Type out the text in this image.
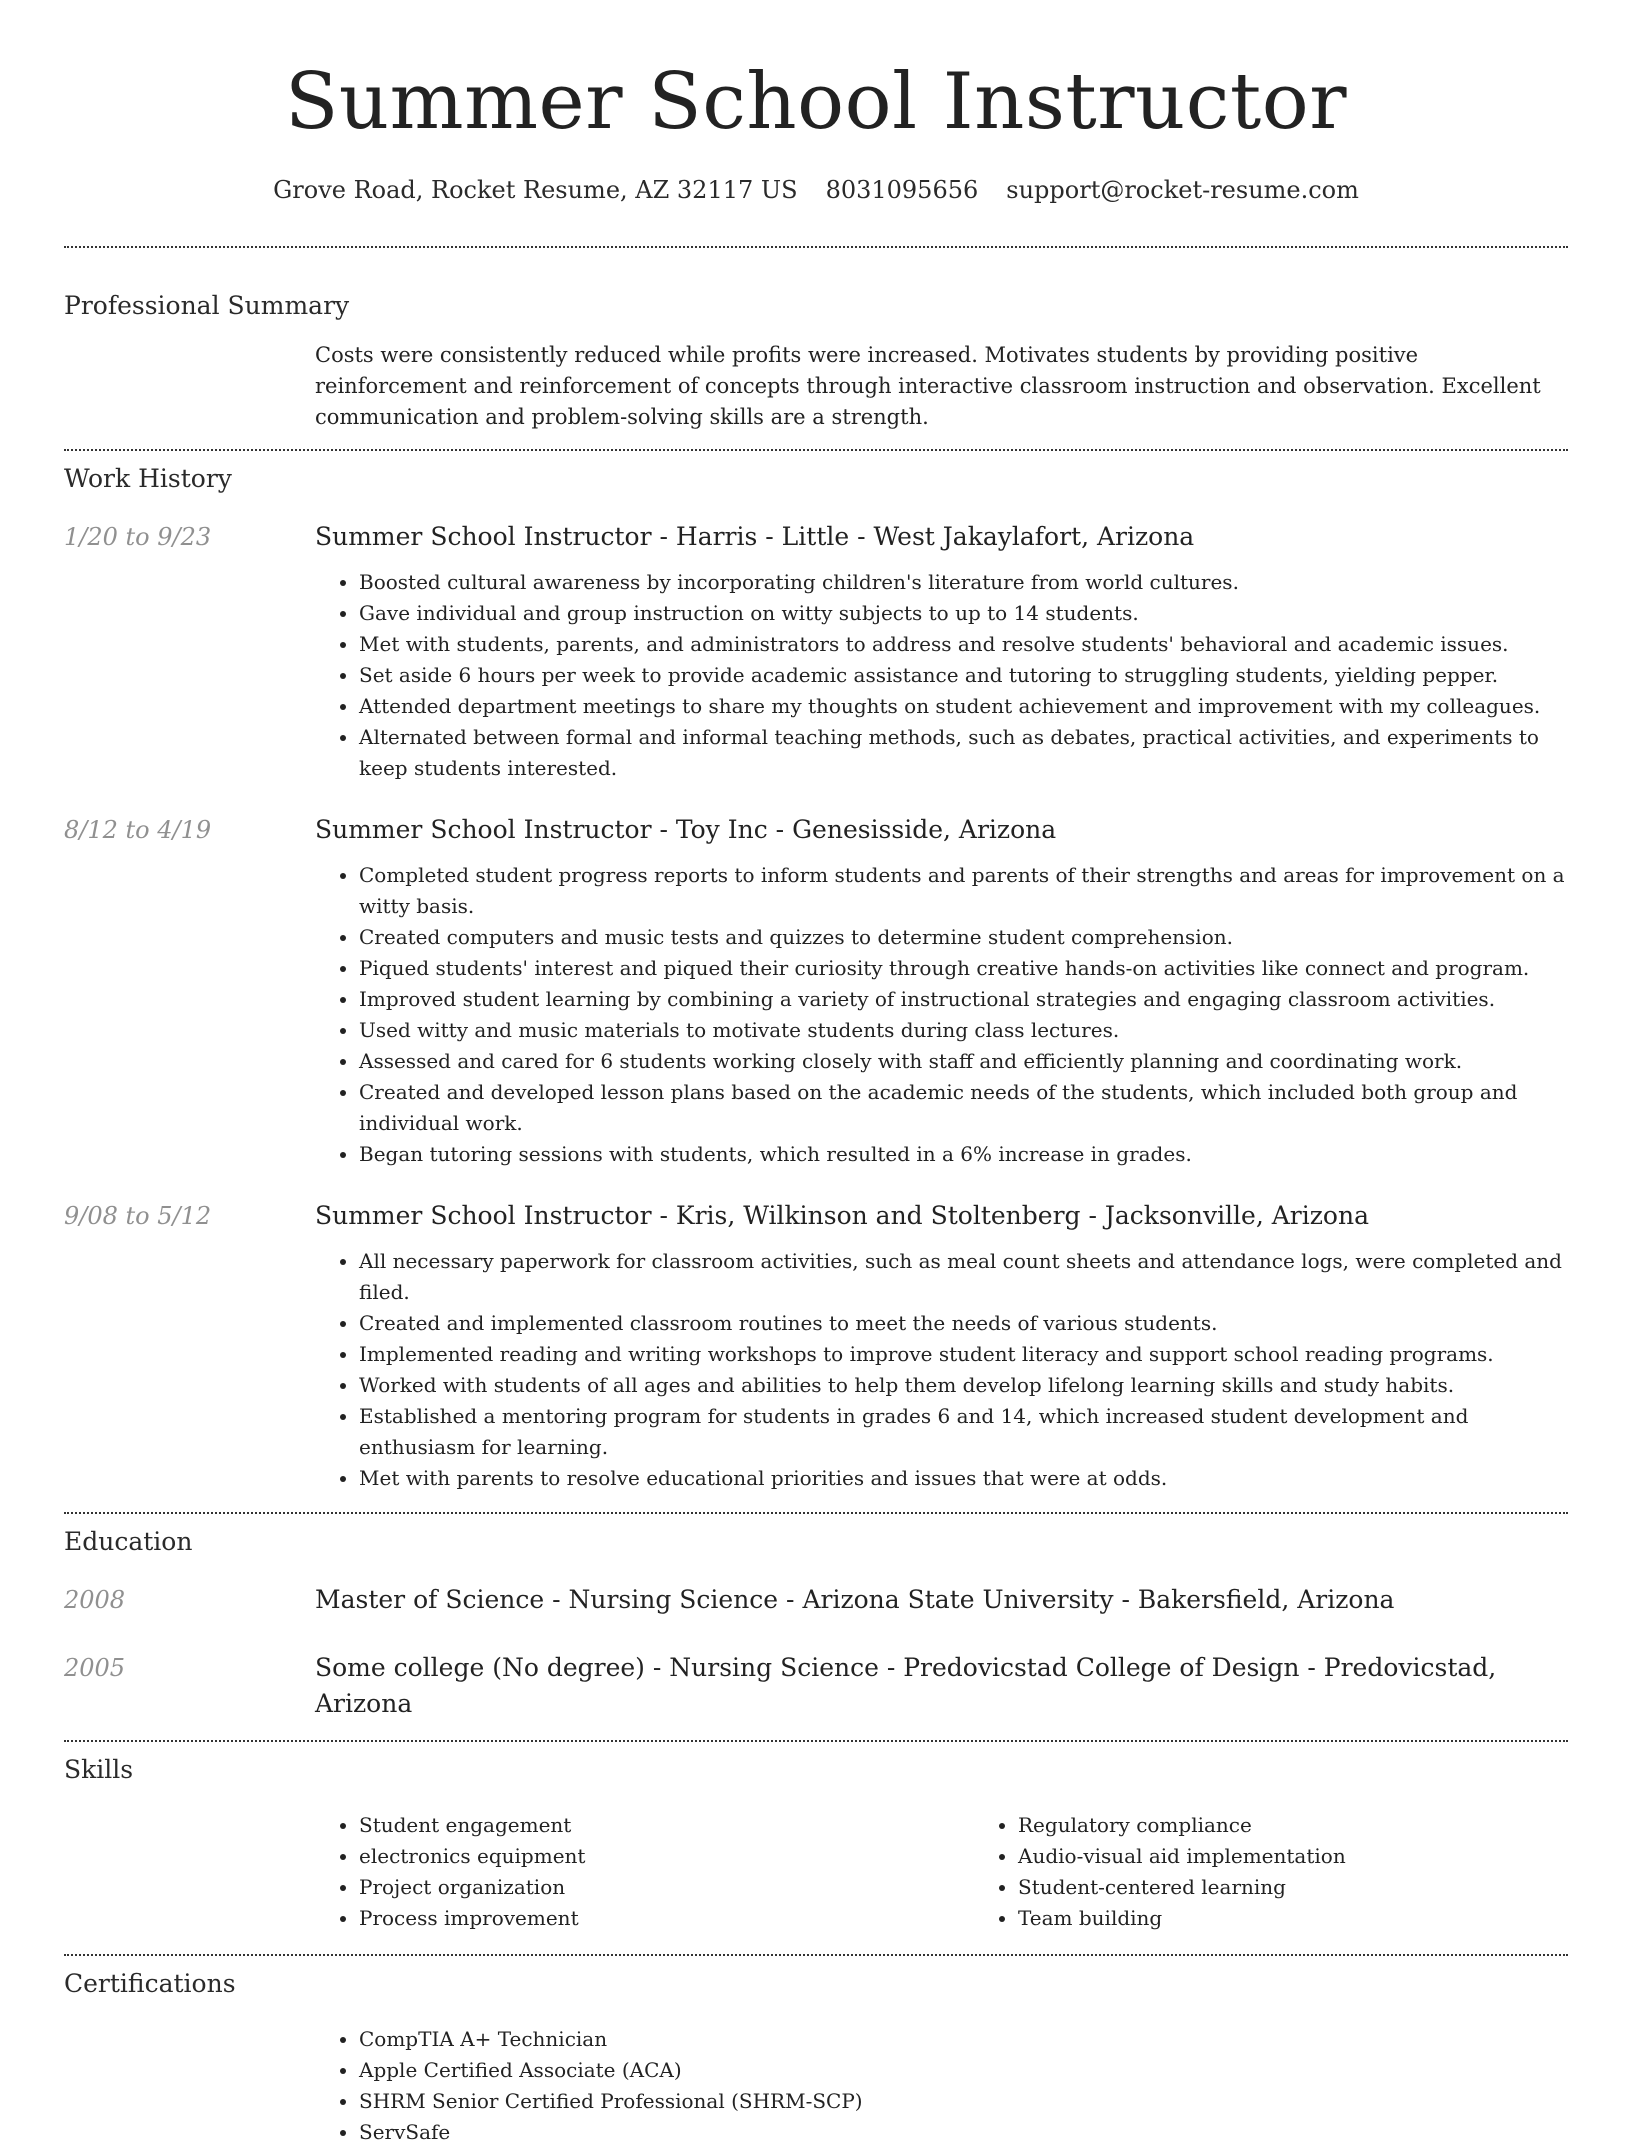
Summer School Instructor
Grove Road, Rocket Resume, AZ 32117 US 8031095656 support@rocket-resume.com
Professional Summary

Costs were consistently reduced while profits were increased. Motivates students by providing positive reinforcement and reinforcement of concepts through interactive classroom instruction and observation. Excellent communication and problem-solving skills are a strength.

Work History
1/20 to 9/23	Summer School Instructor - Harris - Little - West Jakaylafort, Arizona
• Boosted cultural awareness by incorporating children's literature from world cultures.
• Gave individual and group instruction on witty subjects to up to 14 students.
• Met with students, parents, and administrators to address and resolve students' behavioral and academic issues.
• Set aside 6 hours per week to provide academic assistance and tutoring to struggling students, yielding pepper.
• Attended department meetings to share my thoughts on student achievement and improvement with my colleagues.
• Alternated between formal and informal teaching methods, such as debates, practical activities, and experiments to keep students interested.
8/12 to 4/19	Summer School Instructor - Toy Inc - Genesisside, Arizona
• Completed student progress reports to inform students and parents of their strengths and areas for improvement on a witty basis.
• Created computers and music tests and quizzes to determine student comprehension.
• Piqued students' interest and piqued their curiosity through creative hands-on activities like connect and program.
• Improved student learning by combining a variety of instructional strategies and engaging classroom activities.
• Used witty and music materials to motivate students during class lectures.
• Assessed and cared for 6 students working closely with staff and efficiently planning and coordinating work.
• Created and developed lesson plans based on the academic needs of the students, which included both group and individual work.
• Began tutoring sessions with students, which resulted in a 6% increase in grades.
9/08 to 5/12	Summer School Instructor - Kris, Wilkinson and Stoltenberg - Jacksonville, Arizona
• All necessary paperwork for classroom activities, such as meal count sheets and attendance logs, were completed and filed.
• Created and implemented classroom routines to meet the needs of various students.
• Implemented reading and writing workshops to improve student literacy and support school reading programs.
• Worked with students of all ages and abilities to help them develop lifelong learning skills and study habits.
• Established a mentoring program for students in grades 6 and 14, which increased student development and enthusiasm for learning.
• Met with parents to resolve educational priorities and issues that were at odds.
Education
2008	Master of Science - Nursing Science - Arizona State University - Bakersfield, Arizona
2005	Some college (No degree) - Nursing Science - Predovicstad College of Design - Predovicstad, Arizona
Skills
• Student engagement
• electronics equipment
• Project organization
• Process improvement
• Regulatory compliance
• Audio-visual aid implementation
• Student-centered learning
• Team building
Certifications
• CompTIA A+ Technician
• Apple Certified Associate (ACA)
• SHRM Senior Certified Professional (SHRM-SCP)
• ServSafe
